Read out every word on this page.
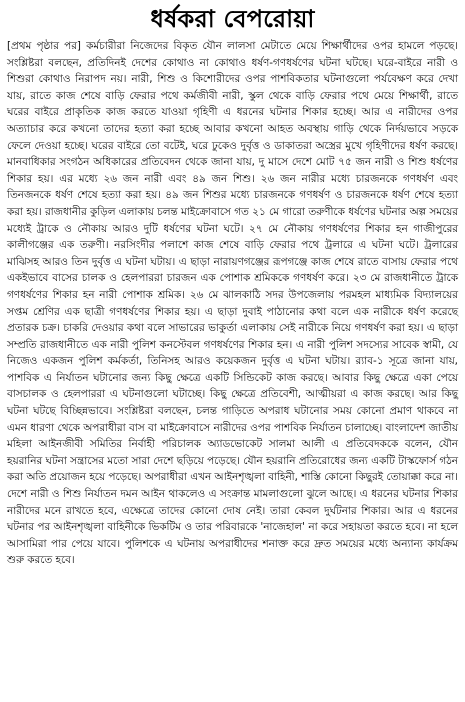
ধর্ষকরা বেপরোয়া

[প্রথম পৃষ্ঠার পর] কর্মচারীরা নিজেদের বিকৃত যৌন লালসা মেটাতে মেয়ে শিক্ষার্থীদের ওপর হামলে পড়ছে। সংশ্লিষ্টরা বলছেন, প্রতিদিনই দেশের কোথাও না কোথাও ধর্ষণ-গণধর্ষণের ঘটনা ঘটছে। ঘরে-বাইরে নারী ও শিশুরা কোথাও নিরাপদ নয়। নারী, শিশু ও কিশোরীদের ওপর পাশবিকতার ঘটনাগুলো পর্যবেক্ষণ করে দেখা যায়, রাতে কাজ শেষে বাড়ি ফেরার পথে কর্মজীবী নারী, স্কুল থেকে বাড়ি ফেরার পথে মেয়ে শিক্ষার্থী, রাতে ঘরের বাইরে প্রাকৃতিক কাজ করতে যাওয়া গৃহিণী এ ধরনের ঘটনার শিকার হচ্ছে। আর এ নারীদের ওপর অত্যাচার করে কখনো তাদের হত্যা করা হচ্ছে আবার কখনো আহত অবস্থায় গাড়ি থেকে নির্দয়ভাবে সড়কে ফেলে দেওয়া হচ্ছে। ঘরের বাইরে তো বটেই, ঘরে ঢুকেও দুর্বৃত্ত ও ডাকাতরা অস্ত্রের মুখে গৃহিণীদের ধর্ষণ করছে। মানবাধিকার সংগঠন অধিকারের প্রতিবেদন থেকে জানা যায়, দু মাসে দেশে মোট ৭৫ জন নারী ও শিশু ধর্ষণের শিকার হয়। এর মধ্যে ২৬ জন নারী এবং ৪৯ জন শিশু। ২৬ জন নারীর মধ্যে চারজনকে গণধর্ষণ এবং তিনজনকে ধর্ষণ শেষে হত্যা করা হয়। ৪৯ জন শিশুর মধ্যে চারজনকে গণধর্ষণ ও চারজনকে ধর্ষণ শেষে হত্যা করা হয়। রাজধানীর কুড়িল এলাকায় চলন্ত মাইক্রোবাসে গত ২১ মে গারো তরুণীকে ধর্ষণের ঘটনার অল্প সময়ের মধ্যেই ট্রাকে ও নৌকায় আরও দুটি ধর্ষণের ঘটনা ঘটে। ২৭ মে নৌকায় গণধর্ষণের শিকার হন গাজীপুরের কালীগঞ্জের এক তরুণী। নরসিংদীর পলাশে কাজ শেষে বাড়ি ফেরার পথে ট্রলারে এ ঘটনা ঘটে। ট্রলারের মাঝিসহ আরও তিন দুর্বৃত্ত এ ঘটনা ঘটায়। এ ছাড়া নারায়ণগঞ্জের রূপগঞ্জে কাজ শেষে রাতে বাসায় ফেরার পথে একইভাবে বাসের চালক ও হেলপাররা চারজন এক পোশাক শ্রমিককে গণধর্ষণ করে। ২৩ মে রাজধানীতে ট্রাকে গণধর্ষণের শিকার হন নারী পোশাক শ্রমিক। ২৬ মে ঝালকাঠি সদর উপজেলায় পরমহল মাধ্যমিক বিদ্যালয়ের সপ্তম শ্রেণির এক ছাত্রী গণধর্ষণের শিকার হয়। এ ছাড়া দুবাই পাঠানোর কথা বলে এক নারীকে ধর্ষণ করেছে প্রতারক চক্র। চাকরি দেওয়ার কথা বলে সাভারের ভাকুর্তা এলাকায় সেই নারীকে নিয়ে গণধর্ষণ করা হয়। এ ছাড়া সম্প্রতি রাজধানীতে এক নারী পুলিশ কনস্টেবল গণধর্ষণের শিকার হন। এ নারী পুলিশ সদস্যের সাবেক স্বামী, যে নিজেও একজন পুলিশ কর্মকর্তা, তিনিসহ আরও কয়েকজন দুর্বৃত্ত এ ঘটনা ঘটায়। র‌্যাব-১ সূত্রে জানা যায়, পাশবিক এ নির্যাতন ঘটানোর জন্য কিছু ক্ষেত্রে একটি সিন্ডিকেট কাজ করছে। আবার কিছু ক্ষেত্রে একা পেয়ে বাসচালক ও হেলপাররা এ ঘটনাগুলো ঘটাচ্ছে। কিছু ক্ষেত্রে প্রতিবেশী, আত্মীয়রা এ কাজ করছে। আর কিছু ঘটনা ঘটছে বিচ্ছিন্নভাবে। সংশ্লিষ্টরা বলছেন, চলন্ত গাড়িতে অপরাধ ঘটানোর সময় কোনো প্রমাণ থাকবে না এমন ধারণা থেকে অপরাধীরা বাস বা মাইক্রোবাসে নারীদের ওপর পাশবিক নির্যাতন চালাচ্ছে। বাংলাদেশ জাতীয় মহিলা আইনজীবী সমিতির নির্বাহী পরিচালক অ্যাডভোকেট সালমা আলী এ প্রতিবেদককে বলেন, যৌন হয়রানির ঘটনা সন্ত্রাসের মতো সারা দেশে ছড়িয়ে পড়েছে। যৌন হয়রানি প্রতিরোধের জন্য একটি টাস্কফোর্স গঠন করা অতি প্রয়োজন হয়ে পড়েছে। অপরাধীরা এখন আইনশৃঙ্খলা বাহিনী, শাস্তি কোনো কিছুরই তোয়াক্কা করে না। দেশে নারী ও শিশু নির্যাতন দমন আইন থাকলেও এ সংক্রান্ত মামলাগুলো ঝুলে আছে। এ ধরনের ঘটনার শিকার নারীদের মনে রাখতে হবে, এক্ষেত্রে তাদের কোনো দোষ নেই। তারা কেবল দুর্ঘটনার শিকার। আর এ ধরনের ঘটনার পর আইনশৃঙ্খলা বাহিনীকে ভিকটিম ও তার পরিবারকে 'নাজেহাল' না করে সহায়তা করতে হবে। না হলে আসামিরা পার পেয়ে যাবে। পুলিশকে এ ঘটনায় অপরাধীদের শনাক্ত করে দ্রুত সময়ের মধ্যে অন্যান্য কার্যক্রম শুরু করতে হবে।
